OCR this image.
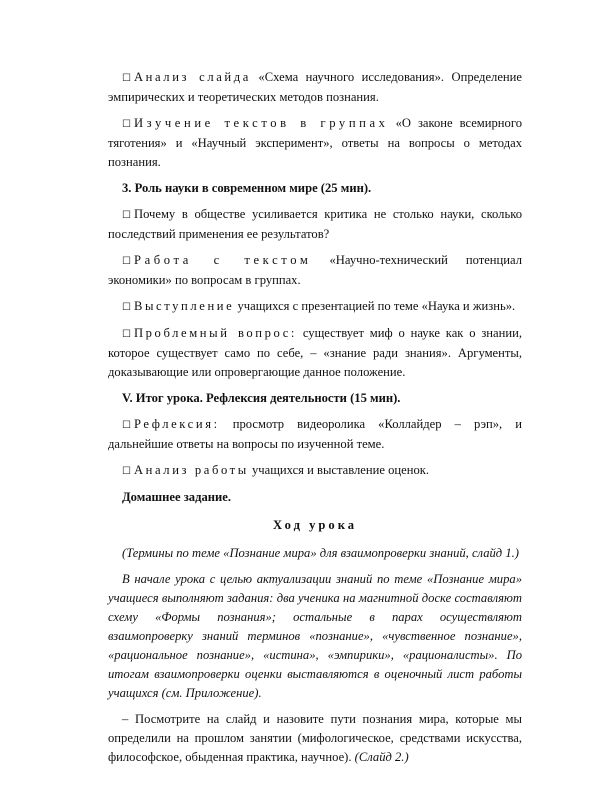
☐ Анализ слайда «Схема научного исследования». Определение эмпирических и теоретических методов познания.

☐ Изучение текстов в группах «О законе всемирного тяготения» и «Научный эксперимент», ответы на вопросы о методах познания.

3. Роль науки в современном мире (25 мин).

☐ Почему в обществе усиливается критика не столько науки, сколько последствий применения ее результатов?

☐ Работа с текстом «Научно-технический потенциал экономики» по вопросам в группах.

☐ Выступление учащихся с презентацией по теме «Наука и жизнь».

☐ Проблемный вопрос: существует миф о науке как о знании, которое существует само по себе, – «знание ради знания». Аргументы, доказывающие или опровергающие данное положение.

V. Итог урока. Рефлексия деятельности (15 мин).

☐ Рефлексия: просмотр видеоролика «Коллайдер – рэп», и дальнейшие ответы на вопросы по изученной теме.

☐ Анализ работы учащихся и выставление оценок.

Домашнее задание.

Ход урока

(Термины по теме «Познание мира» для взаимопроверки знаний, слайд 1.)

В начале урока с целью актуализации знаний по теме «Познание мира» учащиеся выполняют задания: два ученика на магнитной доске составляют схему «Формы познания»; остальные в парах осуществляют взаимопроверку знаний терминов «познание», «чувственное познание», «рациональное познание», «истина», «эмпирики», «рационалисты». По итогам взаимопроверки оценки выставляются в оценочный лист работы учащихся (см. Приложение).

– Посмотрите на слайд и назовите пути познания мира, которые мы определили на прошлом занятии (мифологическое, средствами искусства, философское, обыденная практика, научное). (Слайд 2.)
